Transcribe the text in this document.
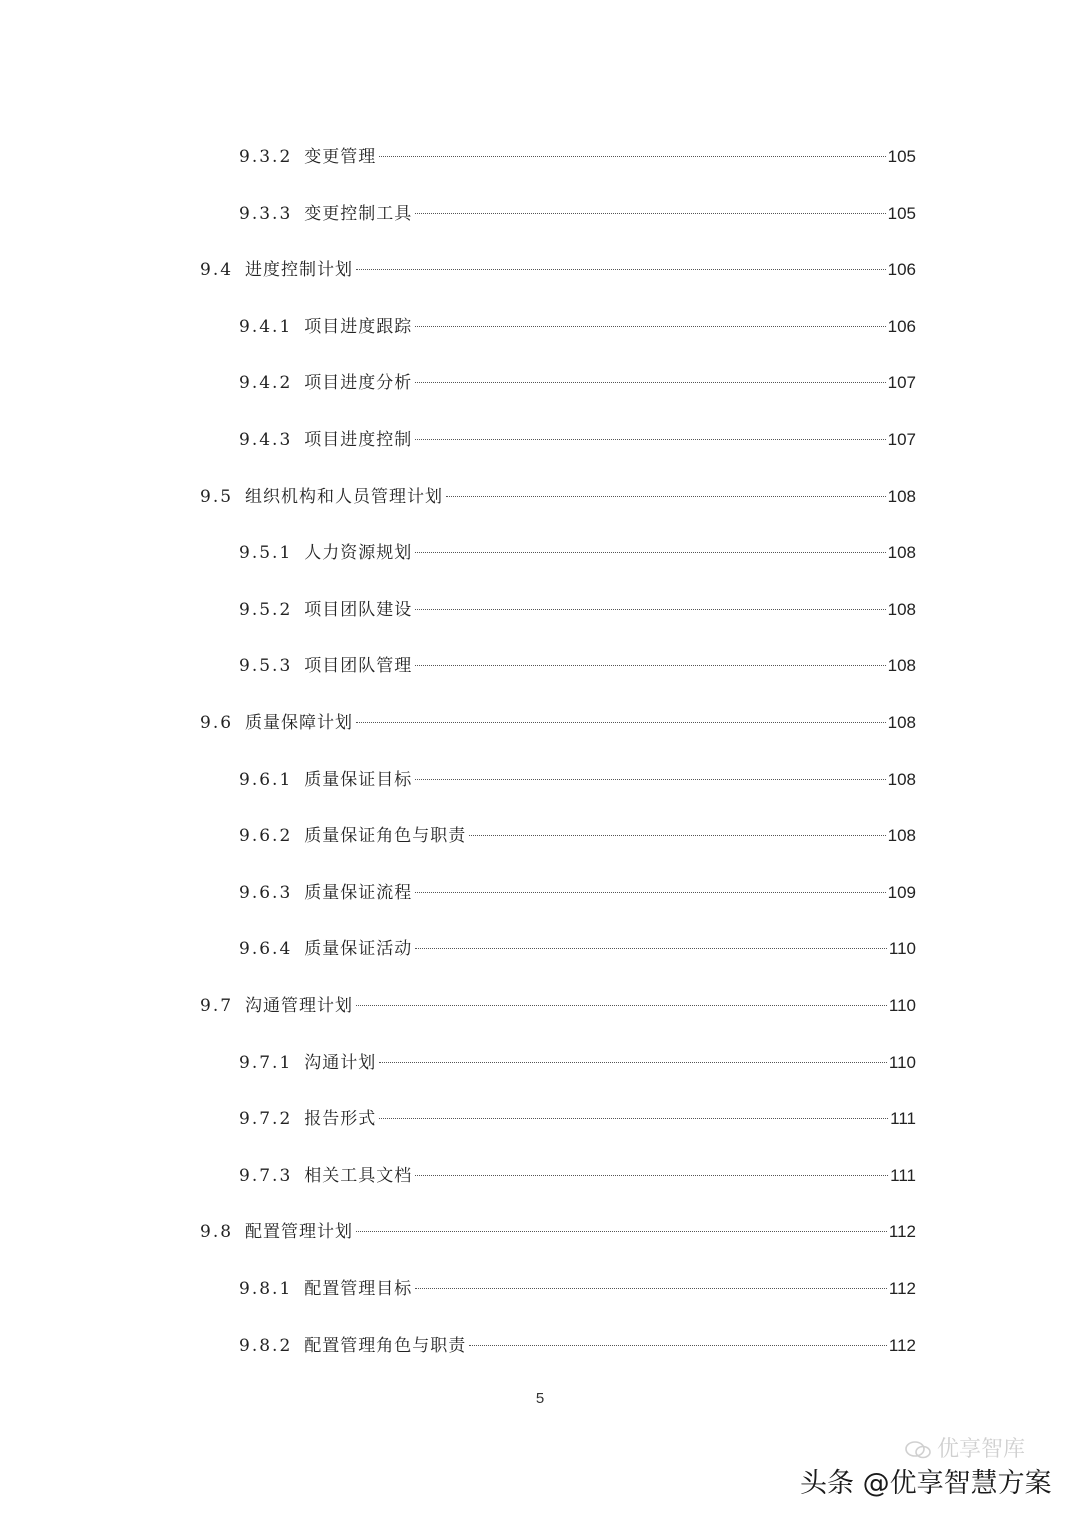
9.3.2 变更管理	105
9.3.3 变更控制工具	105
9.4 进度控制计划	106
9.4.1 项目进度跟踪	106
9.4.2 项目进度分析	107
9.4.3 项目进度控制	107
9.5 组织机构和人员管理计划	108
9.5.1 人力资源规划	108
9.5.2 项目团队建设	108
9.5.3 项目团队管理	108
9.6 质量保障计划	108
9.6.1 质量保证目标	108
9.6.2 质量保证角色与职责	108
9.6.3 质量保证流程	109
9.6.4 质量保证活动	110
9.7 沟通管理计划	110
9.7.1 沟通计划	110
9.7.2 报告形式	111
9.7.3 相关工具文档	111
9.8 配置管理计划	112
9.8.1 配置管理目标	112
9.8.2 配置管理角色与职责	112
5
优享智库
头条 @优享智慧方案
